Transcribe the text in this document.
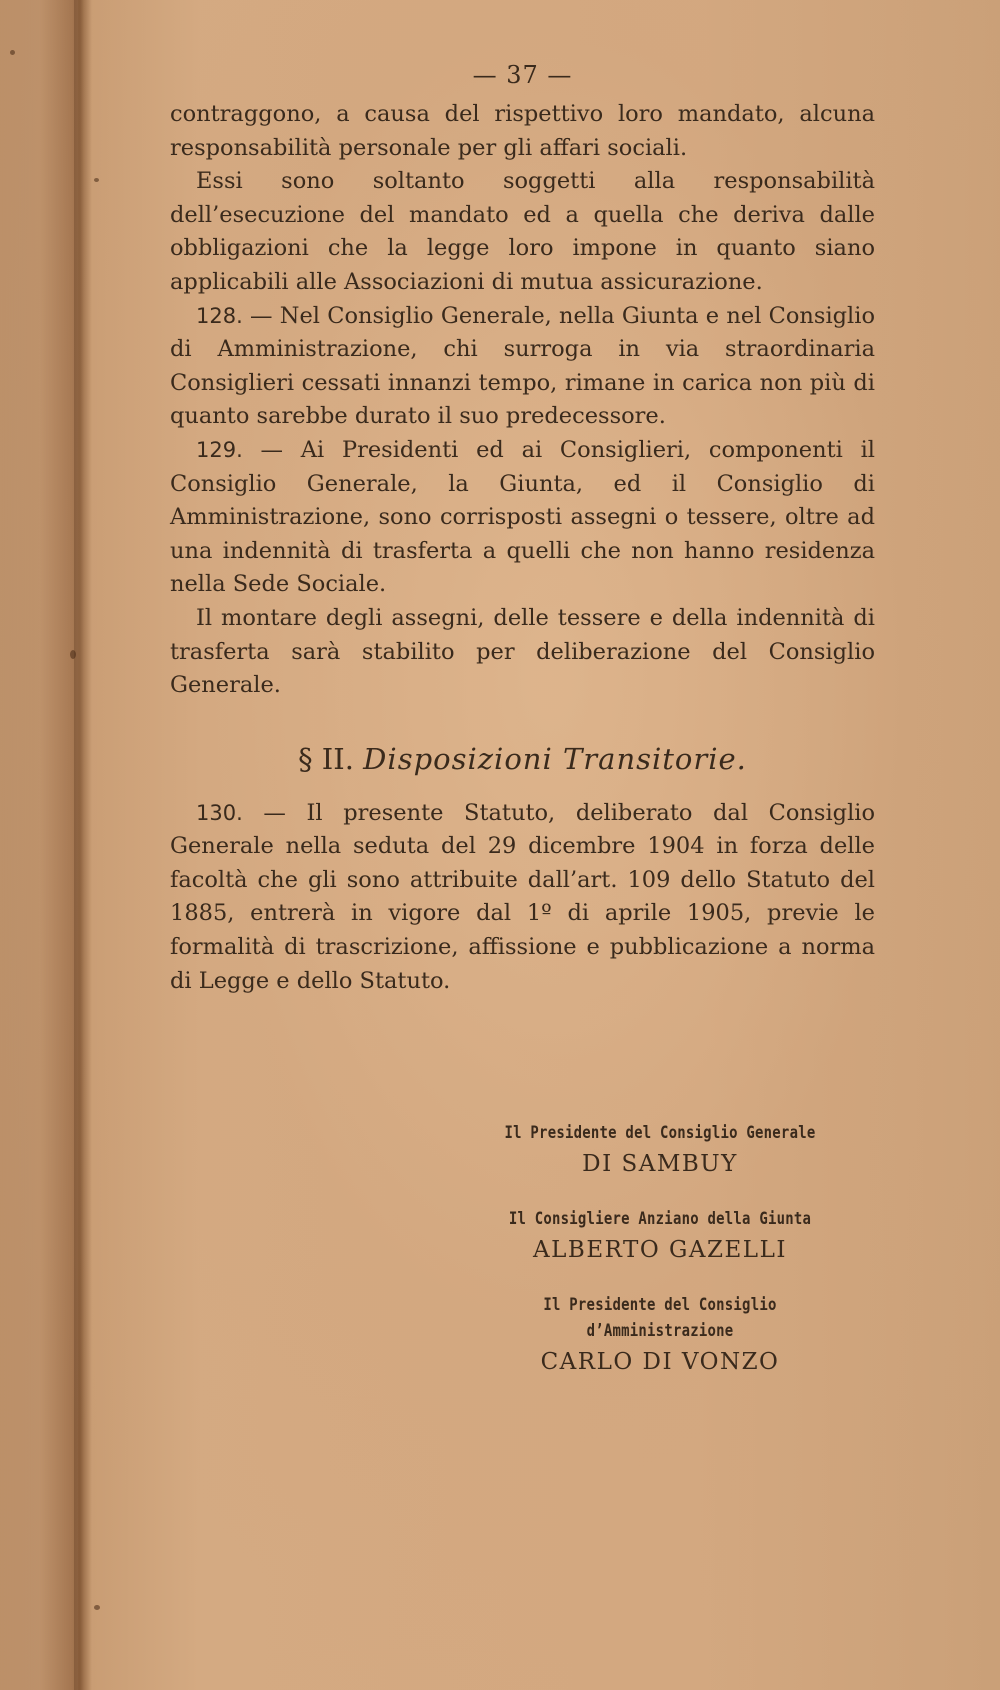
— 37 —

contraggono, a causa del rispettivo loro mandato, alcuna responsabilità personale per gli affari sociali.

Essi sono soltanto soggetti alla responsabilità dell’esecuzione del mandato ed a quella che deriva dalle obbligazioni che la legge loro impone in quanto siano applicabili alle Associazioni di mutua assicurazione.

128. — Nel Consiglio Generale, nella Giunta e nel Consiglio di Amministrazione, chi surroga in via straordinaria Consiglieri cessati innanzi tempo, rimane in carica non più di quanto sarebbe durato il suo predecessore.

129. — Ai Presidenti ed ai Consiglieri, componenti il Consiglio Generale, la Giunta, ed il Consiglio di Amministrazione, sono corrisposti assegni o tessere, oltre ad una indennità di trasferta a quelli che non hanno residenza nella Sede Sociale.

Il montare degli assegni, delle tessere e della indennità di trasferta sarà stabilito per deliberazione del Consiglio Generale.

§ II. Disposizioni Transitorie.

130. — Il presente Statuto, deliberato dal Consiglio Generale nella seduta del 29 dicembre 1904 in forza delle facoltà che gli sono attribuite dall’art. 109 dello Statuto del 1885, entrerà in vigore dal 1º di aprile 1905, previe le formalità di trascrizione, affissione e pubblicazione a norma di Legge e dello Statuto.

Il Presidente del Consiglio Generale

DI SAMBUY

Il Consigliere Anziano della Giunta

ALBERTO GAZELLI

Il Presidente del Consiglio d’Amministrazione

CARLO DI VONZO
